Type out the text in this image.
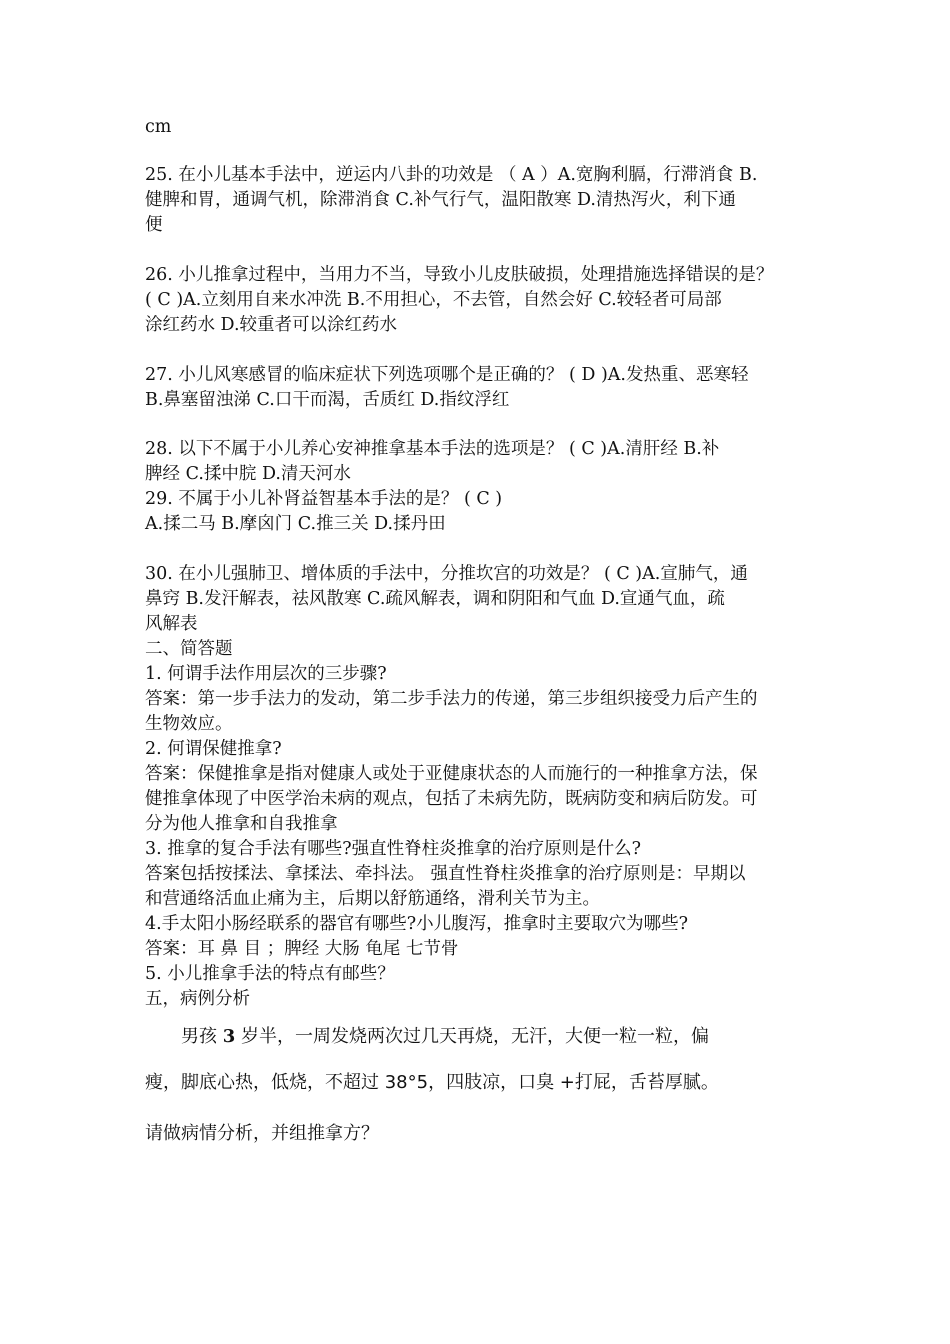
cm
25. 在小儿基本手法中，逆运内八卦的功效是 （ A ）A.宽胸利膈，行滞消食 B.
健脾和胃，通调气机，除滞消食 C.补气行气，温阳散寒 D.清热泻火，利下通
便
26. 小儿推拿过程中，当用力不当，导致小儿皮肤破损，处理措施选择错误的是？
( C )A.立刻用自来水冲洗 B.不用担心，不去管，自然会好 C.较轻者可局部
涂红药水 D.较重者可以涂红药水
27. 小儿风寒感冒的临床症状下列选项哪个是正确的？ ( D )A.发热重、恶寒轻
B.鼻塞留浊涕 C.口干而渴，舌质红 D.指纹浮红
28. 以下不属于小儿养心安神推拿基本手法的选项是？ ( C )A.清肝经 B.补
脾经 C.揉中脘 D.清天河水
29. 不属于小儿补肾益智基本手法的是？ ( C )
A.揉二马 B.摩囟门 C.推三关 D.揉丹田
30. 在小儿强肺卫、增体质的手法中，分推坎宫的功效是？ ( C )A.宣肺气，通
鼻窍 B.发汗解表，祛风散寒 C.疏风解表，调和阴阳和气血 D.宣通气血，疏
风解表
二、简答题
1. 何谓手法作用层次的三步骤?
答案：第一步手法力的发动，第二步手法力的传递，第三步组织接受力后产生的
生物效应。
2. 何谓保健推拿?
答案：保健推拿是指对健康人或处于亚健康状态的人而施行的一种推拿方法，保
健推拿体现了中医学治未病的观点，包括了未病先防，既病防变和病后防发。可
分为他人推拿和自我推拿
3. 推拿的复合手法有哪些?强直性脊柱炎推拿的治疗原则是什么?
答案包括按揉法、拿揉法、牵抖法。 强直性脊柱炎推拿的治疗原则是：早期以
和营通络活血止痛为主，后期以舒筋通络，滑利关节为主。
4.手太阳小肠经联系的器官有哪些?小儿腹泻，推拿时主要取穴为哪些?
答案：耳 鼻 目 ；脾经 大肠 龟尾 七节骨
5. 小儿推拿手法的特点有邮些？
五，病例分析
男孩 3 岁半，一周发烧两次过几天再烧，无汗，大便一粒一粒，偏
瘦，脚底心热，低烧，不超过 38°5，四肢凉，口臭 +打屁，舌苔厚腻。
请做病情分析，并组推拿方？
